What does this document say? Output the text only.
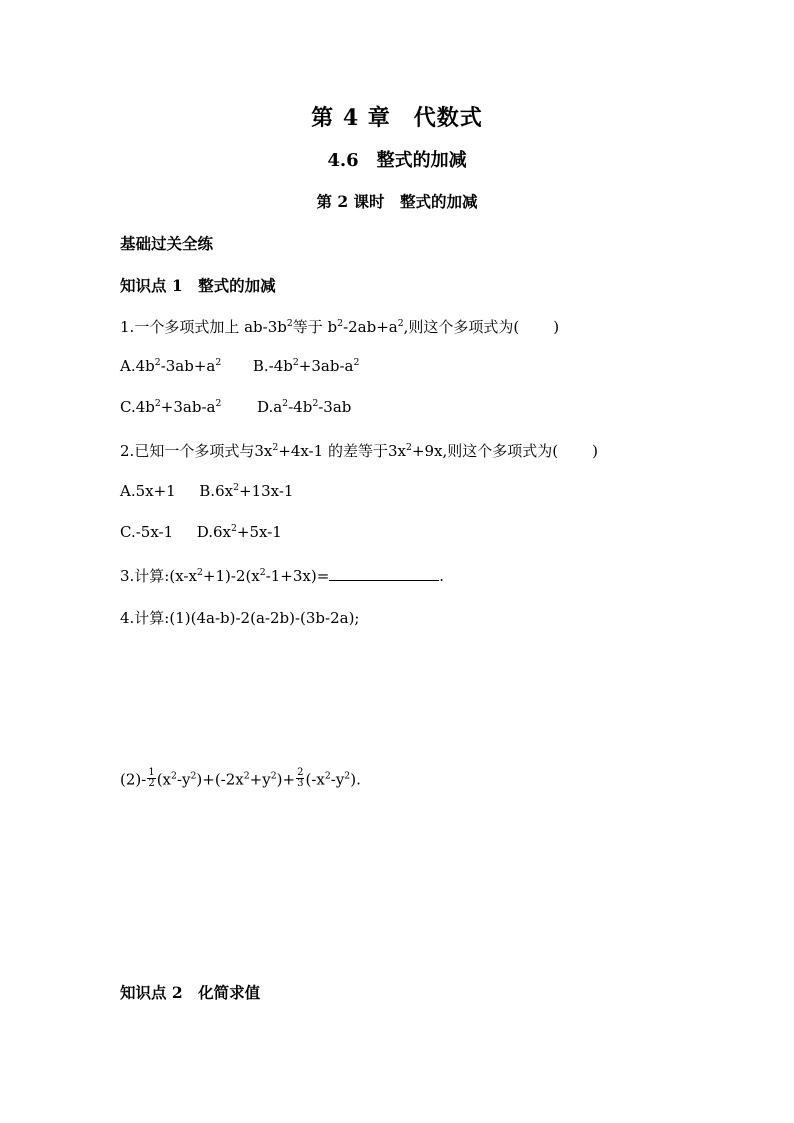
第 4 章　代数式
4.6　整式的加减
第 2 课时　整式的加减
基础过关全练
知识点 1　整式的加减
1.一个多项式加上 $ab-3b^2$等于 $b^2-2ab+a^2$,则这个多项式为( )
$A.4b^2-3ab+a^2$ $B.-4b^2+3ab-a^2$
$C.4b^2+3ab-a^2$ $D.a^2-4b^2-3ab$
2.已知一个多项式与$3x^2+4x-1$ 的差等于$3x^2+9x$,则这个多项式为( )
A.5x+1 $B.6x^2+13x-1$
C.-5x-1 $D.6x^2+5x-1$
3.计算$:(x-x^2+1)-2(x^2-1+3x)=$	.
4.计算:(1)(4a-b)-2(a-2b)-(3b-2a);
$(2)- \frac{1}{2} (x^2-y^2)+(-2x^2+y^2)+ \frac{2}{3} (-x^2-y^2)$.
知识点 2　化简求值
